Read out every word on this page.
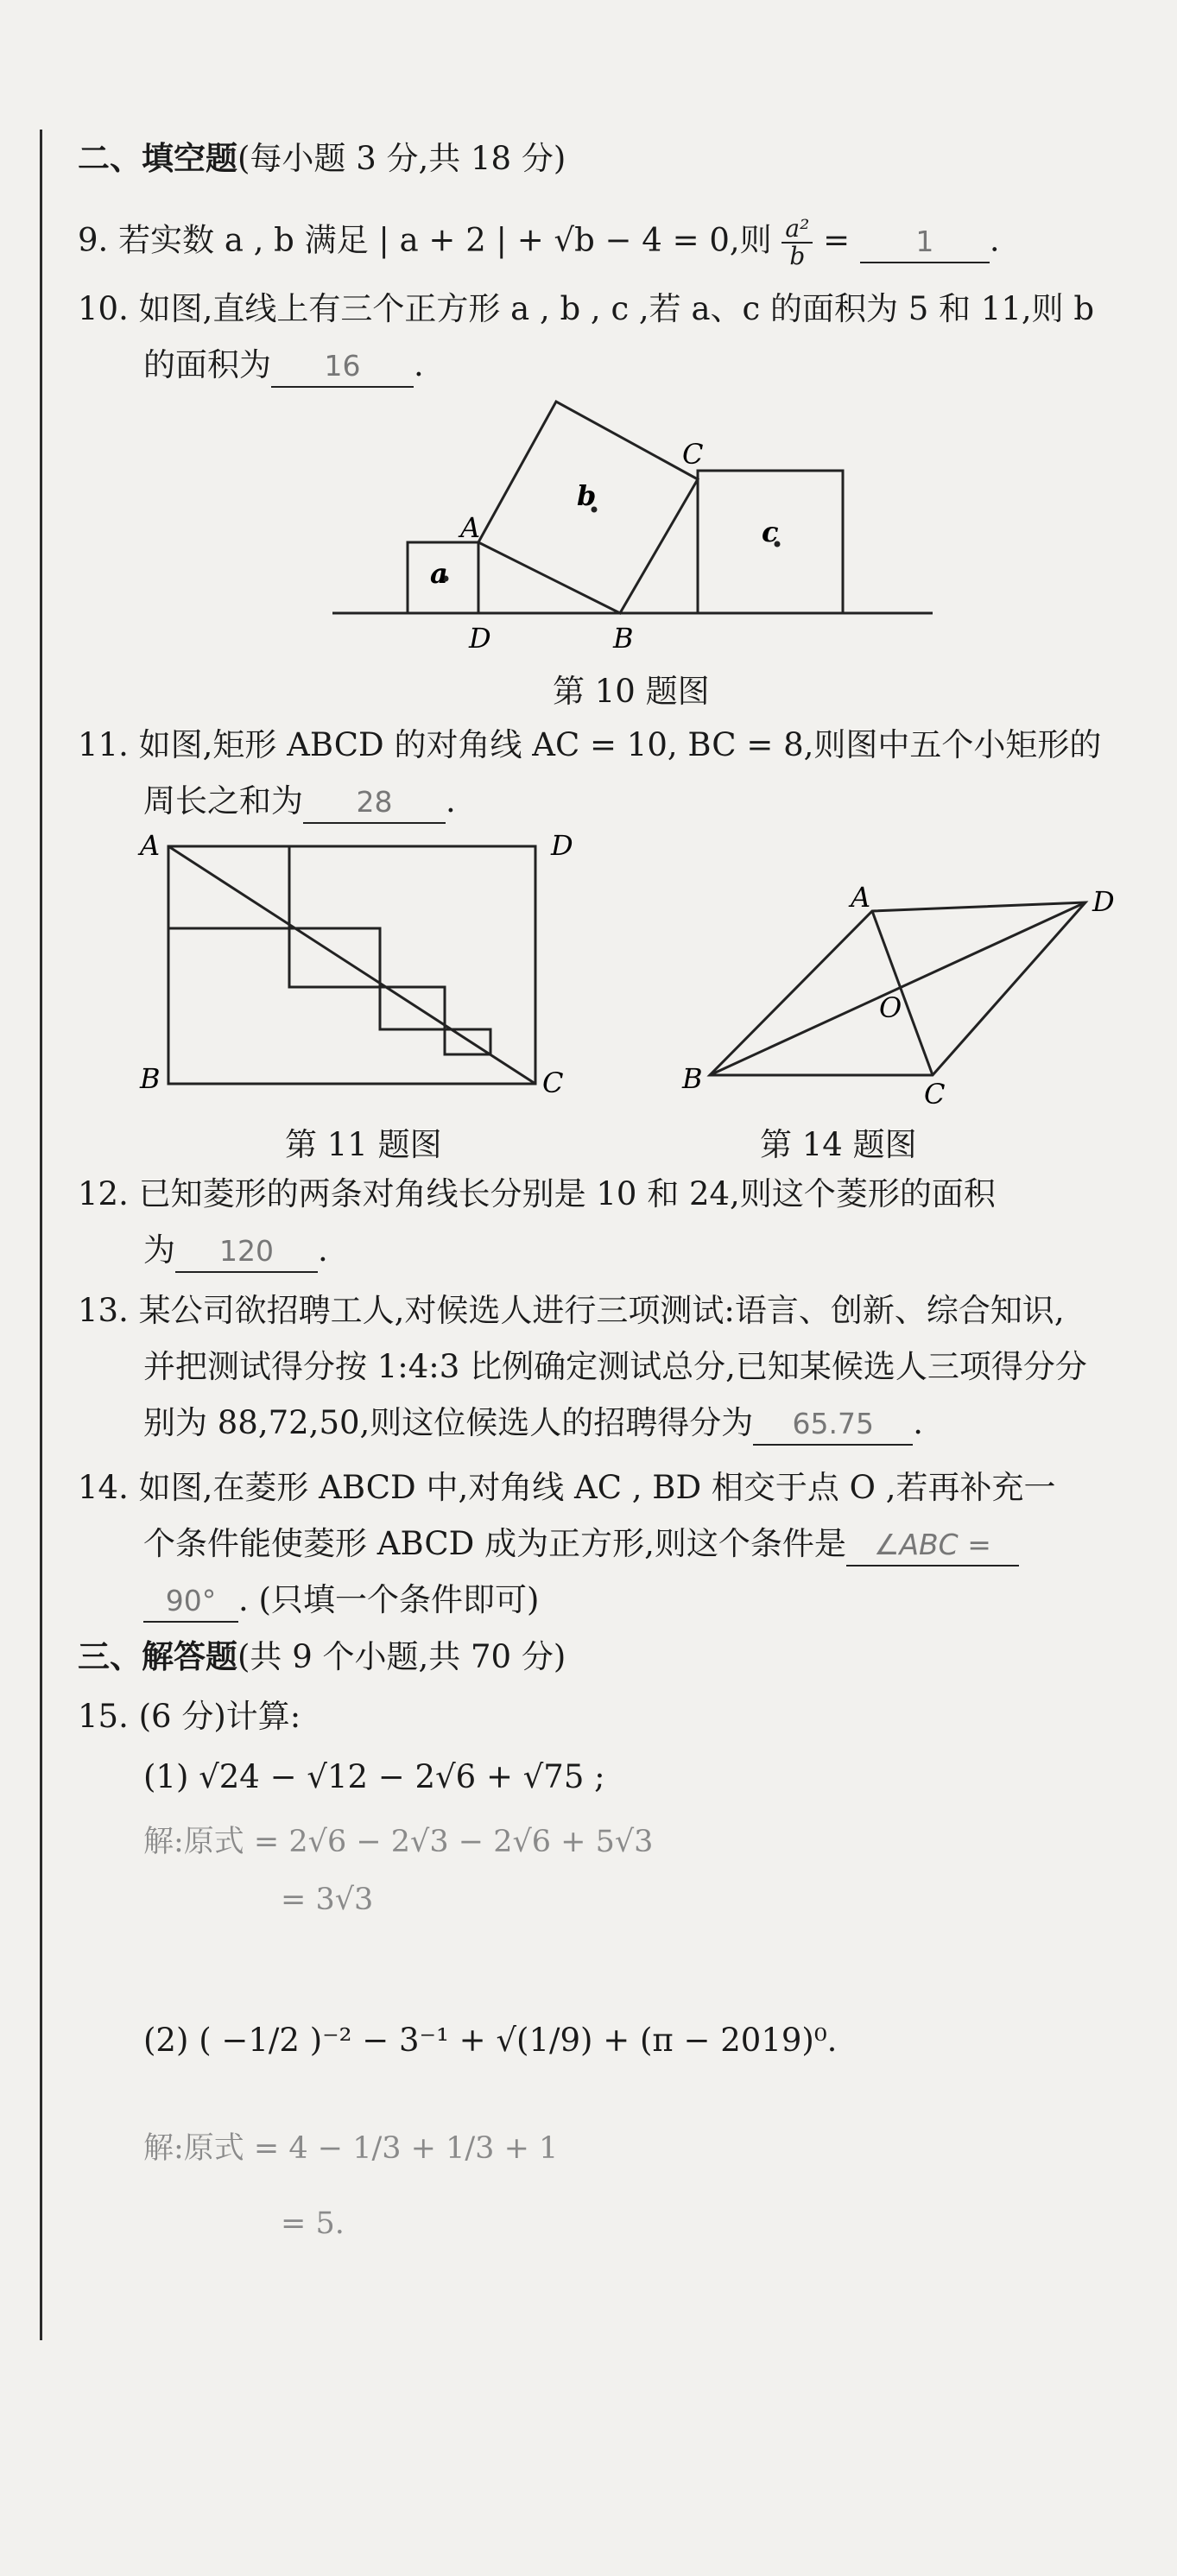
二、填空题(每小题 3 分,共 18 分)
9. 若实数 a , b 满足 | a + 2 | + √b − 4 = 0,则 $\frac{\text{a²}}{b} = 1$ .
10. 如图,直线上有三个正方形 a , b , c ,若 a、c 的面积为 5 和 11,则 b
的面积为 16 .
a
b
c
A
B
C
D
第 10 题图
11. 如图,矩形 ABCD 的对角线 AC = 10, BC = 8,则图中五个小矩形的
周长之和为 28 .
A	D
B	C
第 11 题图
A	D
B	C
O
第 14 题图
12. 已知菱形的两条对角线长分别是 10 和 24,则这个菱形的面积
为 120 .
13. 某公司欲招聘工人,对候选人进行三项测试:语言、创新、综合知识,
并把测试得分按 1:4:3 比例确定测试总分,已知某候选人三项得分分
别为 88,72,50,则这位候选人的招聘得分为 65.75 .
14. 如图,在菱形 ABCD 中,对角线 AC , BD 相交于点 O ,若再补充一
个条件能使菱形 ABCD 成为正方形,则这个条件是 ∠ABC =
90° . (只填一个条件即可)
三、解答题(共 9 个小题,共 70 分)
15. (6 分)计算:
(1) √24 − √12 − 2√6 + √75 ;
解:原式 = 2√6 − 2√3 − 2√6 + 5√3
= 3√3
(2) ( −1/2 )⁻² − 3⁻¹ + √(1/9) + (π − 2019)⁰.
解:原式 = 4 − 1/3 + 1/3 + 1
= 5.
